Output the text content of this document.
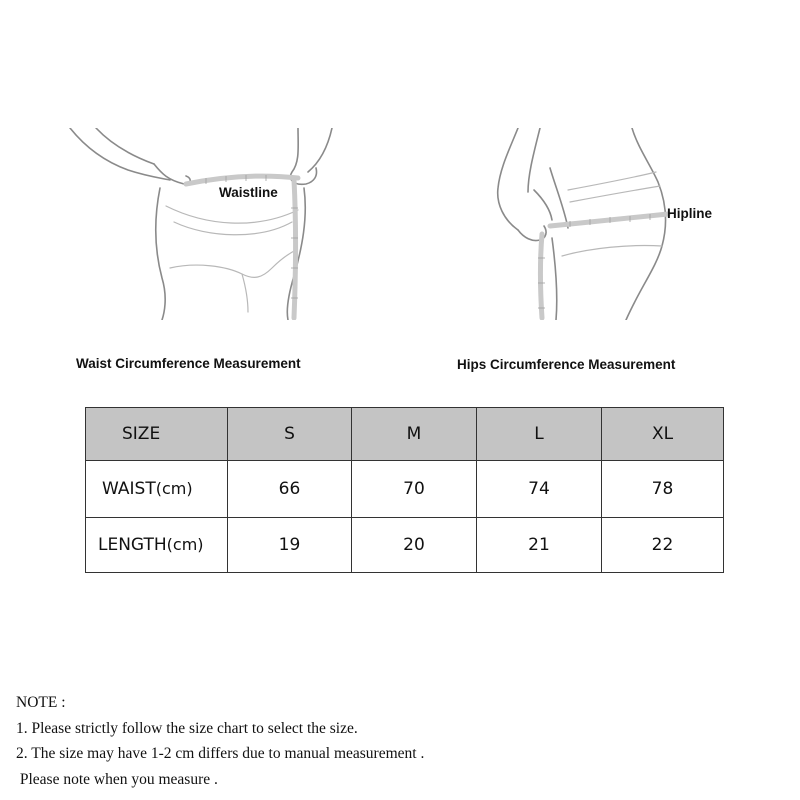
Waistline
Hipline
Waist Circumference Measurement	Hips Circumference Measurement
SIZE	S	M	L	XL
WAIST(cm)	66	70	74	78
LENGTH(cm)	19	20	21	22
NOTE :
1. Please strictly follow the size chart to select the size.
2. The size may have 1-2 cm differs due to manual measurement .
Please note when you measure .
